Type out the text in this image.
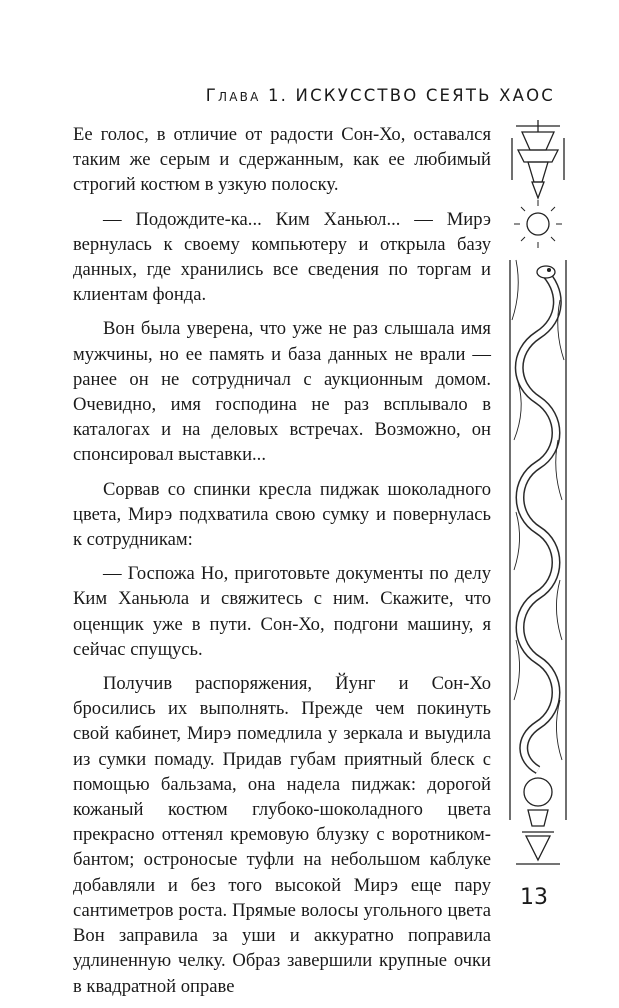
Глава 1. ИСКУССТВО СЕЯТЬ ХАОС

Ее голос, в отличие от радости Сон-Хо, оставался таким же серым и сдержанным, как ее любимый строгий костюм в узкую полоску.

— Подождите-ка... Ким Ханьюл... — Мирэ вернулась к своему компьютеру и открыла базу данных, где хранились все сведения по торгам и клиентам фонда.

Вон была уверена, что уже не раз слышала имя мужчины, но ее память и база данных не врали — ранее он не сотрудничал с аукционным домом. Очевидно, имя господина не раз всплывало в каталогах и на деловых встречах. Возможно, он спонсировал выставки...

Сорвав со спинки кресла пиджак шоколадного цвета, Мирэ подхватила свою сумку и повернулась к сотрудникам:

— Госпожа Но, приготовьте документы по делу Ким Ханьюла и свяжитесь с ним. Скажите, что оценщик уже в пути. Сон-Хо, подгони машину, я сейчас спущусь.

Получив распоряжения, Йунг и Сон-Хо бросились их выполнять. Прежде чем покинуть свой кабинет, Мирэ помедлила у зеркала и выудила из сумки помаду. Придав губам приятный блеск с помощью бальзама, она надела пиджак: дорогой кожаный костюм глубоко-шоколадного цвета прекрасно оттенял кремовую блузку с воротником-бантом; остроносые туфли на небольшом каблуке добавляли и без того высокой Мирэ еще пару сантиметров роста. Прямые волосы угольного цвета Вон заправила за уши и аккуратно поправила удлиненную челку. Образ завершили крупные очки в квадратной оправе

13
